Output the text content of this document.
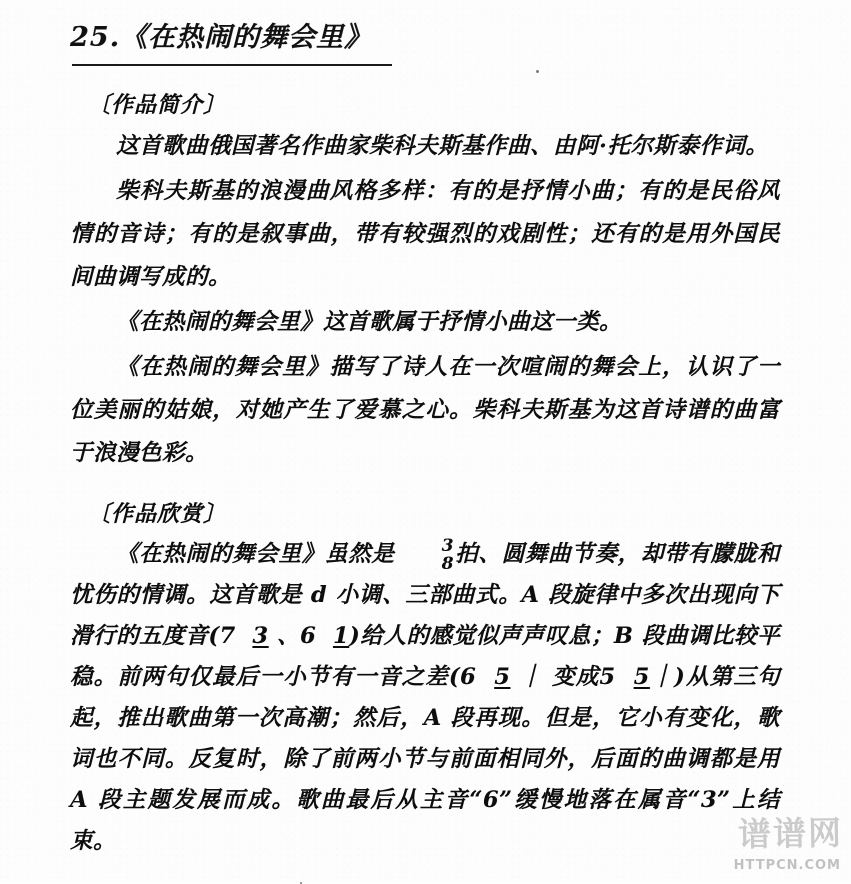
25.《在热闹的舞会里》
〔作品简介〕

这首歌曲俄国著名作曲家柴科夫斯基作曲、由阿·托尔斯泰作词。

柴科夫斯基的浪漫曲风格多样：有的是抒情小曲；有的是民俗风情的音诗；有的是叙事曲，带有较强烈的戏剧性；还有的是用外国民间曲调写成的。

《在热闹的舞会里》这首歌属于抒情小曲这一类。

《在热闹的舞会里》描写了诗人在一次喧闹的舞会上，认识了一位美丽的姑娘，对她产生了爱慕之心。柴科夫斯基为这首诗谱的曲富于浪漫色彩。

〔作品欣赏〕

《在热闹的舞会里》虽然是	3
8 拍、圆舞曲节奏，却带有朦胧和忧伤的情调。这首歌是 d 小调、三部曲式。A 段旋律中多次出现向下滑行的五度音(7 3 、6 1)给人的感觉似声声叹息；B 段曲调比较平稳。前两句仅最后一小节有一音之差(6 5 ｜ 变成5 5｜)从第三句起，推出歌曲第一次高潮；然后，A 段再现。但是，它小有变化，歌词也不同。反复时，除了前两小节与前面相同外，后面的曲调都是用 A 段主题发展而成。歌曲最后从主音“6”缓慢地落在属音“3”上结束。	谱谱网
HTTPCN.COM
